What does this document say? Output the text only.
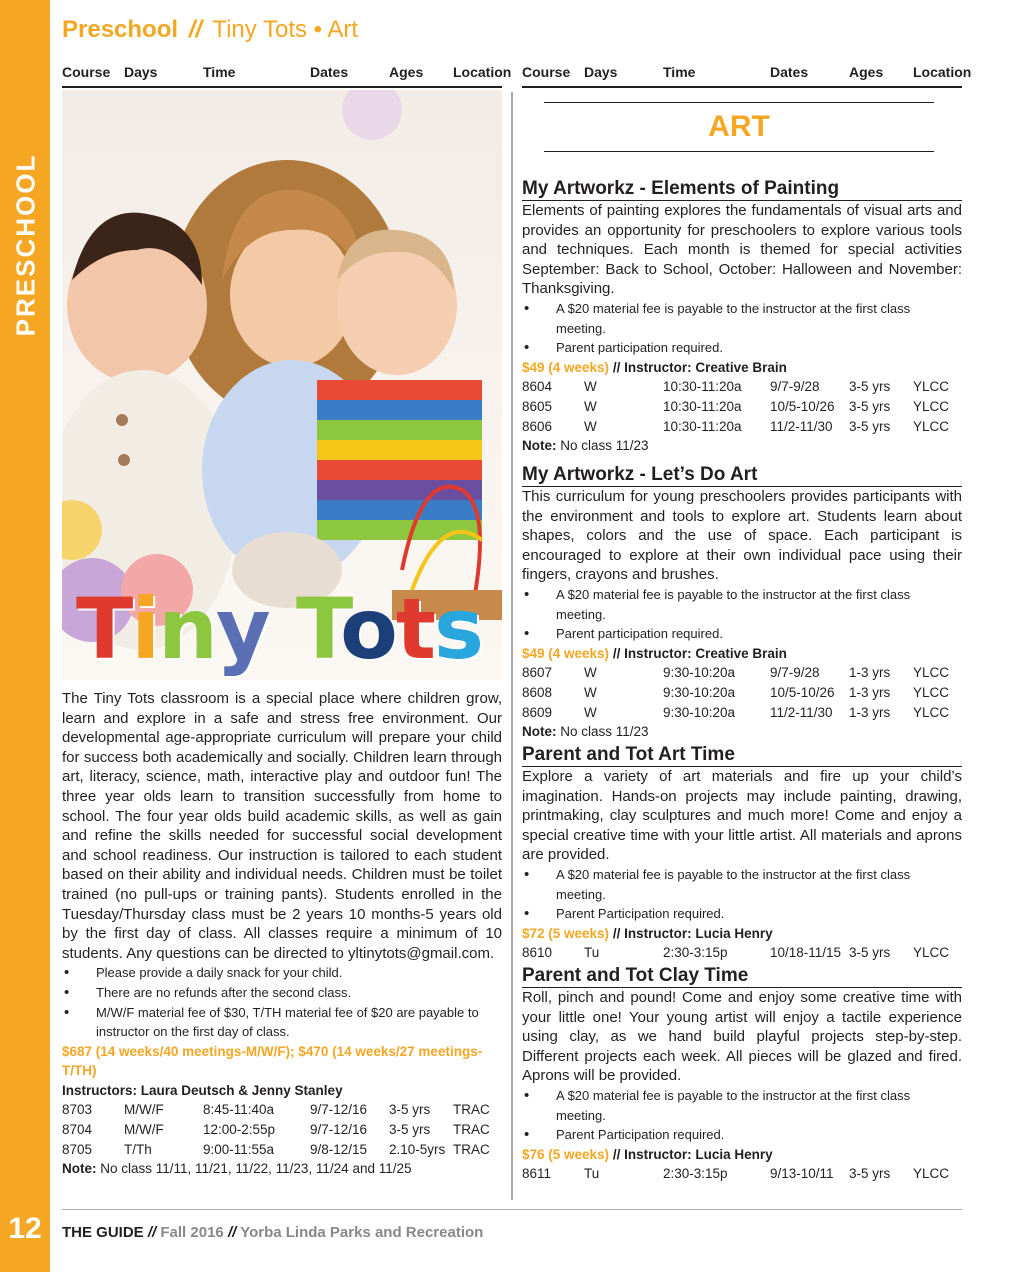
PRESCHOOL
12
Preschool // Tiny Tots • Art
Course Days	Time	Dates	Ages Location Course Days	Time	Dates	Ages Location
Tiny Tots
The Tiny Tots classroom is a special place where children grow, learn and explore in a safe and stress free environment. Our developmental age-appropriate curriculum will prepare your child for success both academically and socially. Children learn through art, literacy, science, math, interactive play and outdoor fun! The three year olds learn to transition successfully from home to school. The four year olds build academic skills, as well as gain and refine the skills needed for successful social development and school readiness. Our instruction is tailored to each student based on their ability and individual needs. Children must be toilet trained (no pull-ups or training pants). Students enrolled in the Tuesday/Thursday class must be 2 years 10 months-5 years old by the first day of class. All classes require a minimum of 10 students. Any questions can be directed to yltinytots@gmail.com.
• Please provide a daily snack for your child.
• There are no refunds after the second class.
• M/W/F material fee of $30, T/TH material fee of $20 are payable to instructor on the first day of class.
$687 (14 weeks/40 meetings-M/W/F); $470 (14 weeks/27 meetings-T/TH)
Instructors: Laura Deutsch & Jenny Stanley
8703 M/W/F	8:45-11:40a	9/7-12/16 3-5 yrs TRAC
8704 M/W/F	12:00-2:55p	9/7-12/16 3-5 yrs TRAC
8705 T/Th	9:00-11:55a	9/8-12/15 2.10-5yrs TRAC
Note: No class 11/11, 11/21, 11/22, 11/23, 11/24 and 11/25
ART
My Artworkz - Elements of Painting
Elements of painting explores the fundamentals of visual arts and provides an opportunity for preschoolers to explore various tools and techniques. Each month is themed for special activities September: Back to School, October: Halloween and November: Thanksgiving.
• A $20 material fee is payable to the instructor at the first class meeting.
• Parent participation required.
$49 (4 weeks) // Instructor: Creative Brain
8604 W	10:30-11:20a 9/7-9/28 3-5 yrs YLCC
8605 W	10:30-11:20a 10/5-10/26 3-5 yrs YLCC
8606 W	10:30-11:20a 11/2-11/30 3-5 yrs YLCC
Note: No class 11/23
My Artworkz - Let’s Do Art
This curriculum for young preschoolers provides participants with the environment and tools to explore art. Students learn about shapes, colors and the use of space. Each participant is encouraged to explore at their own individual pace using their fingers, crayons and brushes.
• A $20 material fee is payable to the instructor at the first class meeting.
• Parent participation required.
$49 (4 weeks) // Instructor: Creative Brain
8607 W	9:30-10:20a	9/7-9/28 1-3 yrs YLCC
8608 W	9:30-10:20a	10/5-10/26 1-3 yrs YLCC
8609 W	9:30-10:20a	11/2-11/30 1-3 yrs YLCC
Note: No class 11/23
Parent and Tot Art Time
Explore a variety of art materials and fire up your child’s imagination. Hands-on projects may include painting, drawing, printmaking, clay sculptures and much more! Come and enjoy a special creative time with your little artist. All materials and aprons are provided.
• A $20 material fee is payable to the instructor at the first class meeting.
• Parent Participation required.
$72 (5 weeks) // Instructor: Lucia Henry
8610 Tu	2:30-3:15p	10/18-11/15 3-5 yrs YLCC
Parent and Tot Clay Time
Roll, pinch and pound! Come and enjoy some creative time with your little one! Your young artist will enjoy a tactile experience using clay, as we hand build playful projects step-by-step. Different projects each week. All pieces will be glazed and fired. Aprons will be provided.
• A $20 material fee is payable to the instructor at the first class meeting.
• Parent Participation required.
$76 (5 weeks) // Instructor: Lucia Henry
8611 Tu	2:30-3:15p	9/13-10/11 3-5 yrs YLCC
THE GUIDE // Fall 2016 // Yorba Linda Parks and Recreation
